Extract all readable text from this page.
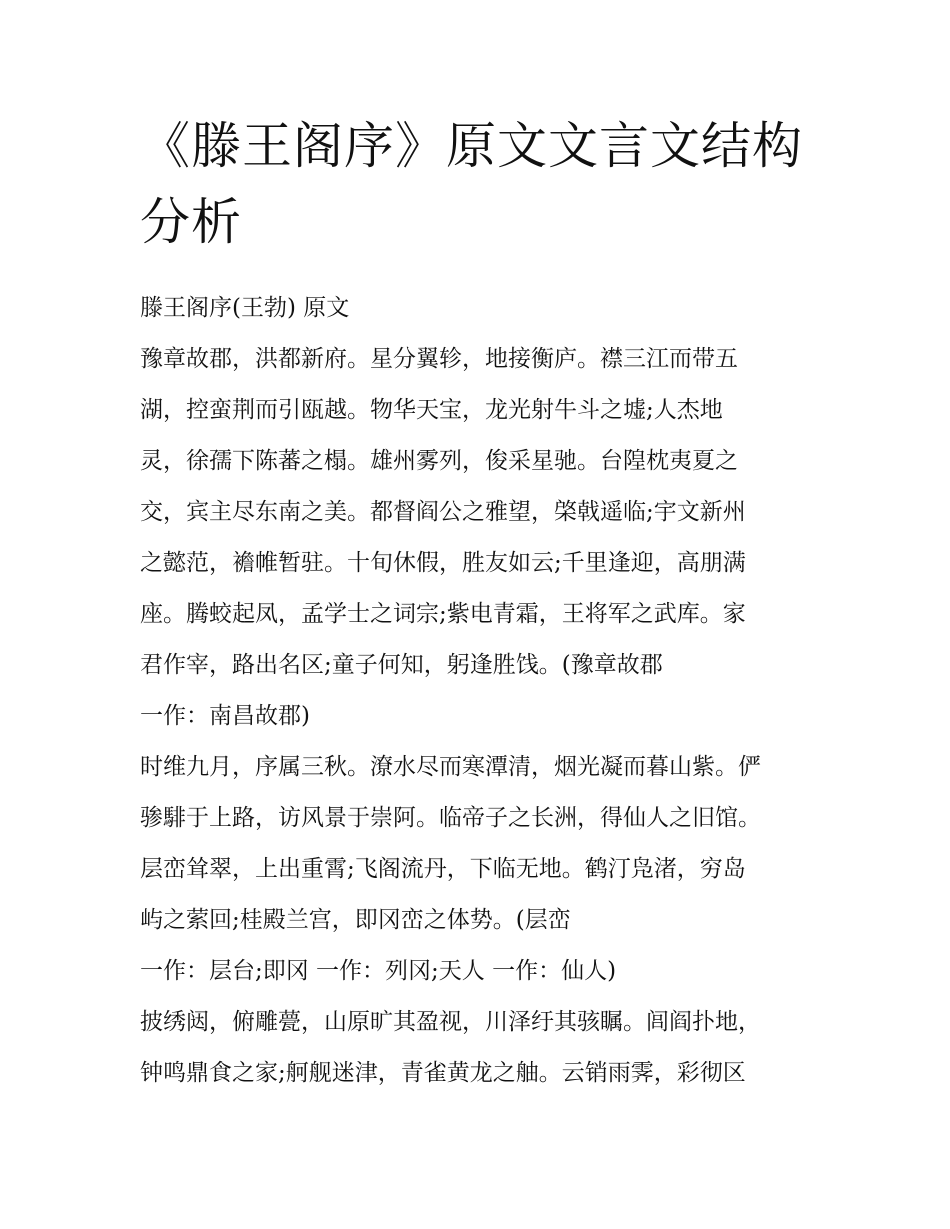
《滕王阁序》原文文言文结构
分析
滕王阁序(王勃) 原文
豫章故郡，洪都新府。星分翼轸，地接衡庐。襟三江而带五
湖，控蛮荆而引瓯越。物华天宝，龙光射牛斗之墟;人杰地
灵，徐孺下陈蕃之榻。雄州雾列，俊采星驰。台隍枕夷夏之
交，宾主尽东南之美。都督阎公之雅望，棨戟遥临;宇文新州
之懿范，襜帷暂驻。十旬休假，胜友如云;千里逢迎，高朋满
座。腾蛟起凤，孟学士之词宗;紫电青霜，王将军之武库。家
君作宰，路出名区;童子何知，躬逢胜饯。(豫章故郡
一作：南昌故郡)
时维九月，序属三秋。潦水尽而寒潭清，烟光凝而暮山紫。俨
骖騑于上路，访风景于崇阿。临帝子之长洲，得仙人之旧馆。
层峦耸翠，上出重霄;飞阁流丹，下临无地。鹤汀凫渚，穷岛
屿之萦回;桂殿兰宫，即冈峦之体势。(层峦
一作：层台;即冈 一作：列冈;天人 一作：仙人)
披绣闼，俯雕甍，山原旷其盈视，川泽纡其骇瞩。闾阎扑地，
钟鸣鼎食之家;舸舰迷津，青雀黄龙之舳。云销雨霁，彩彻区
